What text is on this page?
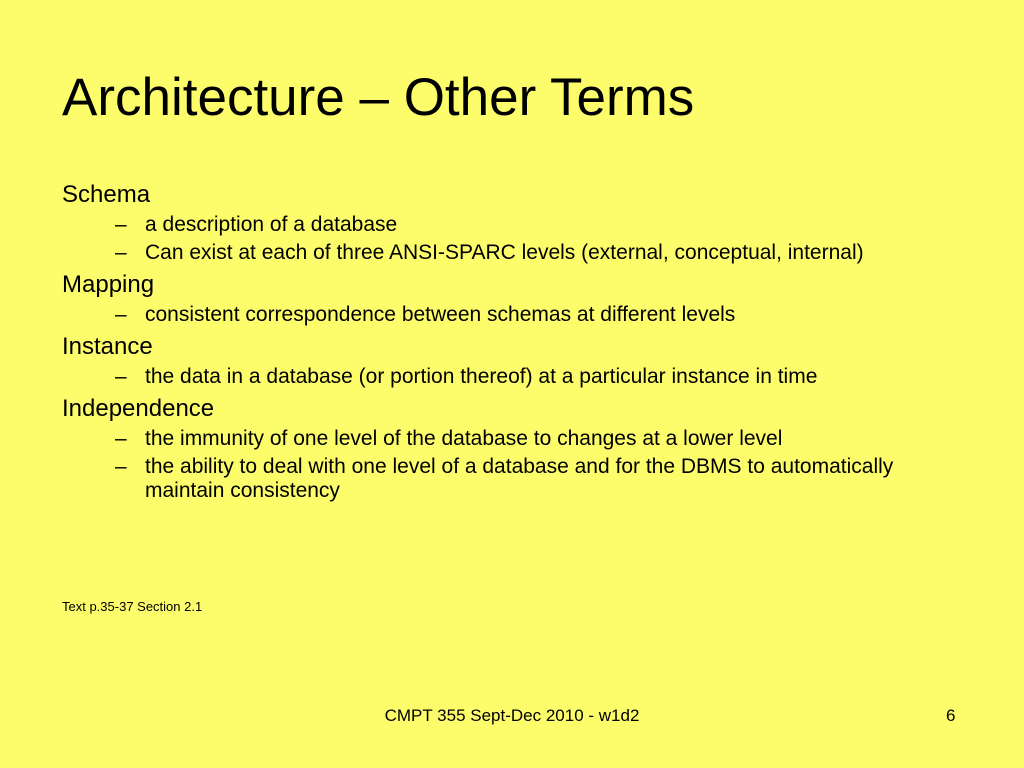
Architecture – Other Terms

Schema

– a description of a database
– Can exist at each of three ANSI-SPARC levels (external, conceptual, internal)

Mapping

– consistent correspondence between schemas at different levels

Instance

– the data in a database (or portion thereof) at a particular instance in time

Independence

– the immunity of one level of the database to changes at a lower level
– the ability to deal with one level of a database and for the DBMS to automatically maintain consistency
Text p.35-37 Section 2.1
CMPT 355 Sept-Dec 2010 - w1d2	6
